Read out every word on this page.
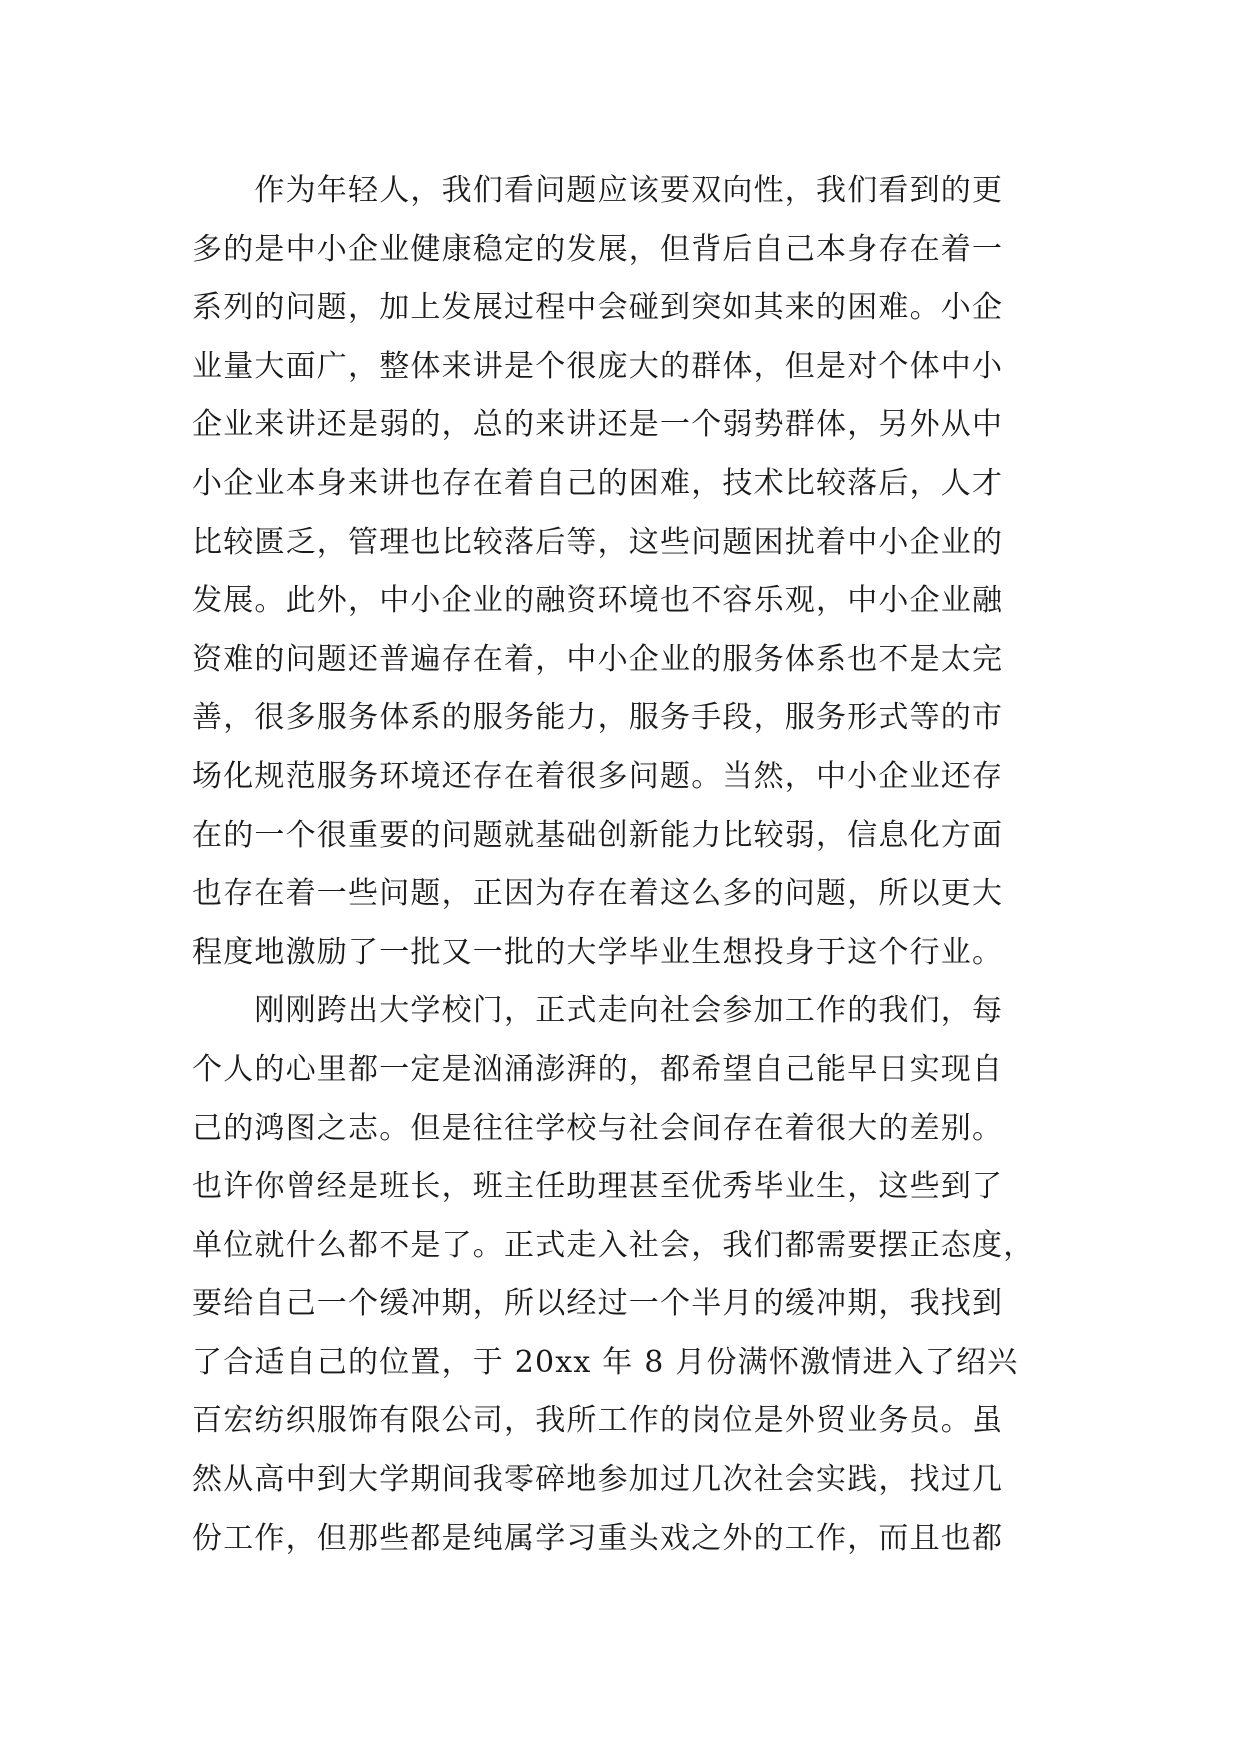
　　作为年轻人，我们看问题应该要双向性，我们看到的更
多的是中小企业健康稳定的发展，但背后自己本身存在着一
系列的问题，加上发展过程中会碰到突如其来的困难。小企
业量大面广，整体来讲是个很庞大的群体，但是对个体中小
企业来讲还是弱的，总的来讲还是一个弱势群体，另外从中
小企业本身来讲也存在着自己的困难，技术比较落后，人才
比较匮乏，管理也比较落后等，这些问题困扰着中小企业的
发展。此外，中小企业的融资环境也不容乐观，中小企业融
资难的问题还普遍存在着，中小企业的服务体系也不是太完
善，很多服务体系的服务能力，服务手段，服务形式等的市
场化规范服务环境还存在着很多问题。当然，中小企业还存
在的一个很重要的问题就基础创新能力比较弱，信息化方面
也存在着一些问题，正因为存在着这么多的问题，所以更大
程度地激励了一批又一批的大学毕业生想投身于这个行业。
　　刚刚跨出大学校门，正式走向社会参加工作的我们，每
个人的心里都一定是汹涌澎湃的，都希望自己能早日实现自
己的鸿图之志。但是往往学校与社会间存在着很大的差别。
也许你曾经是班长，班主任助理甚至优秀毕业生，这些到了
单位就什么都不是了。正式走入社会，我们都需要摆正态度，
要给自己一个缓冲期，所以经过一个半月的缓冲期，我找到
了合适自己的位置，于 20xx 年 8 月份满怀激情进入了绍兴
百宏纺织服饰有限公司，我所工作的岗位是外贸业务员。虽
然从高中到大学期间我零碎地参加过几次社会实践，找过几
份工作，但那些都是纯属学习重头戏之外的工作，而且也都
